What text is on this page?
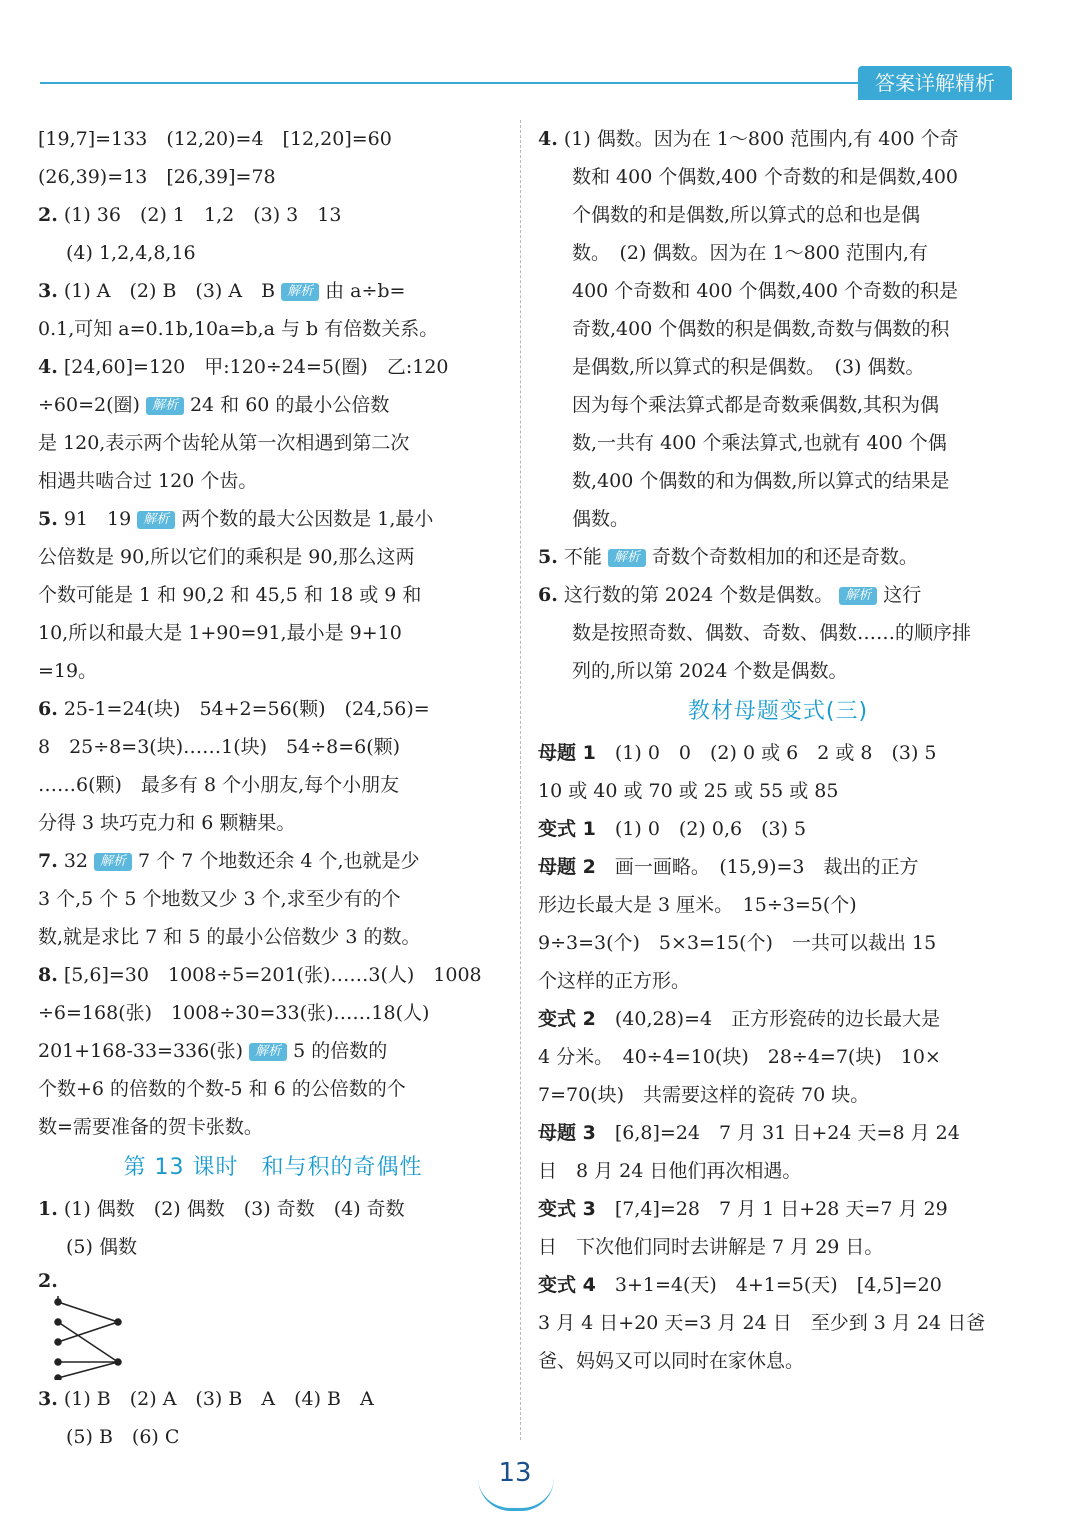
答案详解精析

[19,7]=133　(12,20)=4　[12,20]=60

(26,39)=13　[26,39]=78

2. (1) 36　(2) 1　1,2　(3) 3　13

(4) 1,2,4,8,16

3. (1) A　(2) B　(3) A　B 解析 由 a÷b=

0.1,可知 a=0.1b,10a=b,a 与 b 有倍数关系。

4. [24,60]=120　甲:120÷24=5(圈)　乙:120

÷60=2(圈) 解析 24 和 60 的最小公倍数

是 120,表示两个齿轮从第一次相遇到第二次

相遇共啮合过 120 个齿。

5. 91　19 解析 两个数的最大公因数是 1,最小

公倍数是 90,所以它们的乘积是 90,那么这两

个数可能是 1 和 90,2 和 45,5 和 18 或 9 和

10,所以和最大是 1+90=91,最小是 9+10

=19。

6. 25-1=24(块)　54+2=56(颗)　(24,56)=

8　25÷8=3(块)……1(块)　54÷8=6(颗)

……6(颗)　最多有 8 个小朋友,每个小朋友

分得 3 块巧克力和 6 颗糖果。

7. 32 解析 7 个 7 个地数还余 4 个,也就是少

3 个,5 个 5 个地数又少 3 个,求至少有的个

数,就是求比 7 和 5 的最小公倍数少 3 的数。

8. [5,6]=30　1008÷5=201(张)……3(人)　1008

÷6=168(张)　1008÷30=33(张)……18(人)

201+168-33=336(张) 解析 5 的倍数的

个数+6 的倍数的个数-5 和 6 的公倍数的个

数=需要准备的贺卡张数。

第 13 课时　和与积的奇偶性

1. (1) 偶数　(2) 偶数　(3) 奇数　(4) 奇数

(5) 偶数

2.

3. (1) B　(2) A　(3) B　A　(4) B　A

(5) B　(6) C

4. (1) 偶数。因为在 1～800 范围内,有 400 个奇

数和 400 个偶数,400 个奇数的和是偶数,400

个偶数的和是偶数,所以算式的总和也是偶

数。　(2) 偶数。因为在 1～800 范围内,有

400 个奇数和 400 个偶数,400 个奇数的积是

奇数,400 个偶数的积是偶数,奇数与偶数的积

是偶数,所以算式的积是偶数。　(3) 偶数。

因为每个乘法算式都是奇数乘偶数,其积为偶

数,一共有 400 个乘法算式,也就有 400 个偶

数,400 个偶数的和为偶数,所以算式的结果是

偶数。

5. 不能 解析 奇数个奇数相加的和还是奇数。

6. 这行数的第 2024 个数是偶数。 解析 这行

数是按照奇数、偶数、奇数、偶数……的顺序排

列的,所以第 2024 个数是偶数。

教材母题变式(三)

母题 1　 (1) 0　0　(2) 0 或 6　2 或 8　(3) 5

10 或 40 或 70 或 25 或 55 或 85

变式 1　 (1) 0　(2) 0,6　(3) 5

母题 2　 画一画略。　(15,9)=3　裁出的正方

形边长最大是 3 厘米。　15÷3=5(个)

9÷3=3(个)　5×3=15(个)　一共可以裁出 15

个这样的正方形。

变式 2　 (40,28)=4　正方形瓷砖的边长最大是

4 分米。　40÷4=10(块)　28÷4=7(块)　10×

7=70(块)　共需要这样的瓷砖 70 块。

母题 3　 [6,8]=24　7 月 31 日+24 天=8 月 24

日　8 月 24 日他们再次相遇。

变式 3　 [7,4]=28　7 月 1 日+28 天=7 月 29

日　下次他们同时去讲解是 7 月 29 日。

变式 4　 3+1=4(天)　4+1=5(天)　[4,5]=20

3 月 4 日+20 天=3 月 24 日　至少到 3 月 24 日爸

爸、妈妈又可以同时在家休息。

13
